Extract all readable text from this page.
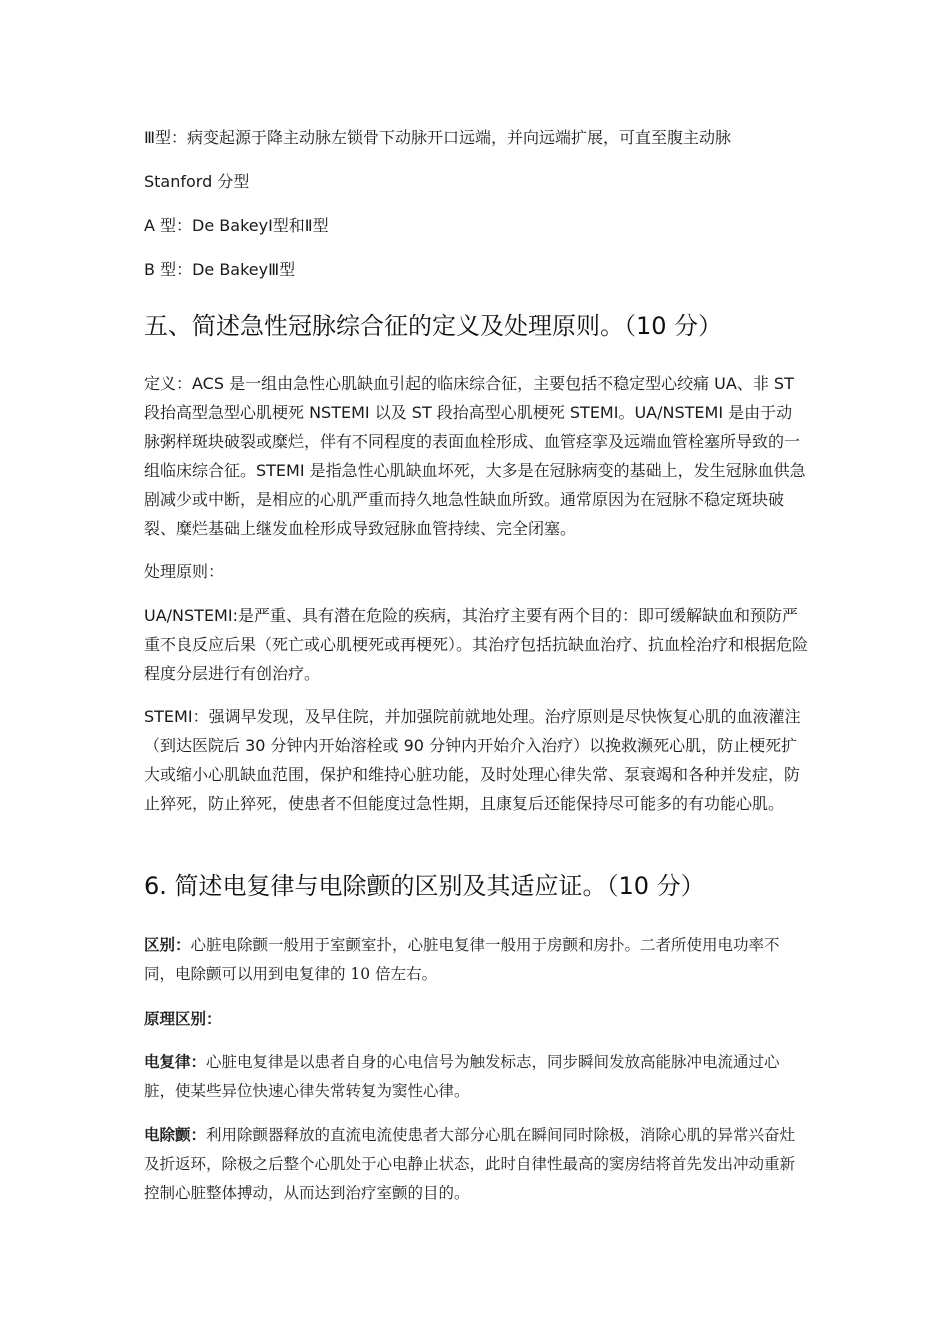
Ⅲ型：病变起源于降主动脉左锁骨下动脉开口远端，并向远端扩展，可直至腹主动脉

Stanford 分型

A 型：De BakeyⅠ型和Ⅱ型

B 型：De BakeyⅢ型

五、简述急性冠脉综合征的定义及处理原则。（10 分）

定义：ACS 是一组由急性心肌缺血引起的临床综合征，主要包括不稳定型心绞痛 UA、非 ST 段抬高型急型心肌梗死 NSTEMI 以及 ST 段抬高型心肌梗死 STEMI。UA/NSTEMI 是由于动脉粥样斑块破裂或糜烂，伴有不同程度的表面血栓形成、血管痉挛及远端血管栓塞所导致的一组临床综合征。STEMI 是指急性心肌缺血坏死，大多是在冠脉病变的基础上，发生冠脉血供急剧减少或中断，是相应的心肌严重而持久地急性缺血所致。通常原因为在冠脉不稳定斑块破裂、糜烂基础上继发血栓形成导致冠脉血管持续、完全闭塞。

处理原则：

UA/NSTEMI:是严重、具有潜在危险的疾病，其治疗主要有两个目的：即可缓解缺血和预防严重不良反应后果（死亡或心肌梗死或再梗死）。其治疗包括抗缺血治疗、抗血栓治疗和根据危险程度分层进行有创治疗。

STEMI：强调早发现，及早住院，并加强院前就地处理。治疗原则是尽快恢复心肌的血液灌注（到达医院后 30 分钟内开始溶栓或 90 分钟内开始介入治疗）以挽救濒死心肌，防止梗死扩大或缩小心肌缺血范围，保护和维持心脏功能，及时处理心律失常、泵衰竭和各种并发症，防止猝死，防止猝死，使患者不但能度过急性期，且康复后还能保持尽可能多的有功能心肌。

6. 简述电复律与电除颤的区别及其适应证。（10 分）

区别：心脏电除颤一般用于室颤室扑，心脏电复律一般用于房颤和房扑。二者所使用电功率不同，电除颤可以用到电复律的 10 倍左右。

原理区别：

电复律：心脏电复律是以患者自身的心电信号为触发标志，同步瞬间发放高能脉冲电流通过心脏，使某些异位快速心律失常转复为窦性心律。

电除颤：利用除颤器释放的直流电流使患者大部分心肌在瞬间同时除极，消除心肌的异常兴奋灶及折返环，除极之后整个心肌处于心电静止状态，此时自律性最高的窦房结将首先发出冲动重新控制心脏整体搏动，从而达到治疗室颤的目的。
